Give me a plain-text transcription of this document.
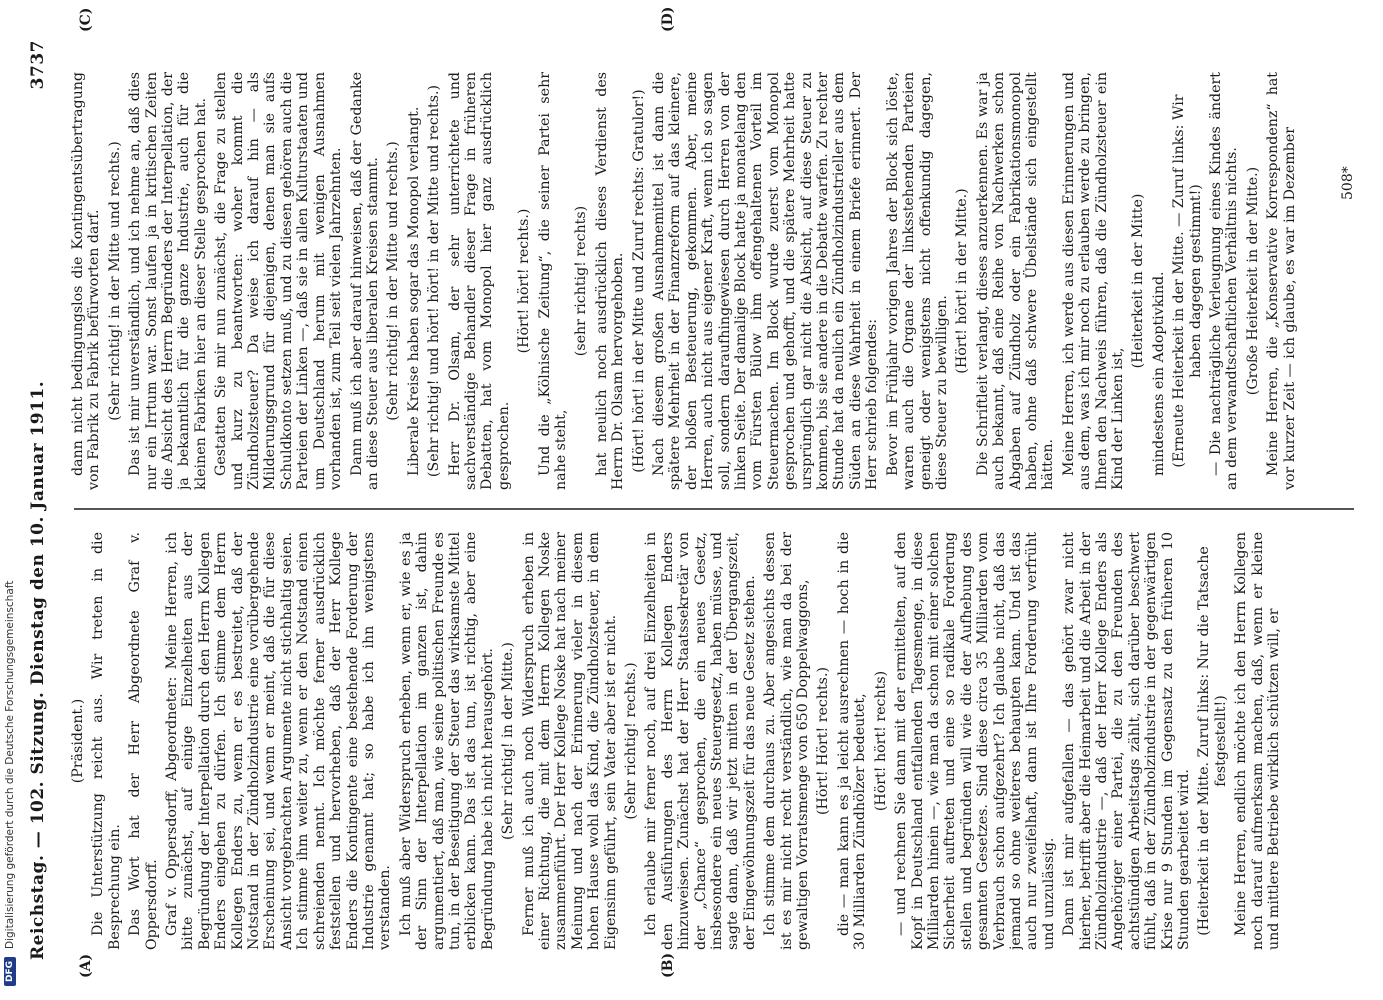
DFG
Digitalisierung gefördert durch die Deutsche Forschungsgemeinschaft Reichstag. — 102. Sitzung. Dienstag den 10. Januar 1911.
3737
(A)	(B)
(C)	(D)

(Präsident.) Die Unterstützung reicht aus. Wir treten in die Besprechung ein. Das Wort hat der Herr Abgeordnete Graf v. Oppersdorff. Graf v. Oppersdorff, Abgeordneter: Meine Herren, ich bitte zunächst, auf einige Einzelheiten aus der Begründung der Interpellation durch den Herrn Kollegen Enders eingehen zu dürfen. Ich stimme dem Herrn Kollegen Enders zu, wenn er es bestreitet, daß der Notstand in der Zündholzindustrie eine vorübergehende Erscheinung sei, und wenn er meint, daß die für diese Ansicht vorgebrachten Argumente nicht stichhaltig seien. Ich stimme ihm weiter zu, wenn er den Notstand einen schreienden nennt. Ich möchte ferner ausdrücklich feststellen und hervorheben, daß der Herr Kollege Enders die Kontingente eine bestehende Forderung der Industrie genannt hat; so habe ich ihn wenigstens verstanden. Ich muß aber Widerspruch erheben, wenn er, wie es ja der Sinn der Interpellation im ganzen ist, dahin argumentiert, daß man, wie seine politischen Freunde es tun, in der Beseitigung der Steuer das wirksamste Mittel erblicken kann. Das ist das tun, ist richtig, aber eine Begründung habe ich nicht herausgehört. (Sehr richtig! in der Mitte.) Ferner muß ich auch noch Widerspruch erheben in einer Richtung, die mit dem Herrn Kollegen Noske zusammenführt. Der Herr Kollege Noske hat nach meiner Meinung und nach der Erinnerung vieler in diesem hohen Hause wohl das Kind, die Zündholzsteuer, in dem Eigensinn geführt, sein Vater aber ist er nicht. (Sehr richtig! rechts.) Ich erlaube mir ferner noch, auf drei Einzelheiten in den Ausführungen des Herrn Kollegen Enders hinzuweisen. Zunächst hat der Herr Staatssekretär von der „Chance“ gesprochen, die ein neues Gesetz, insbesondere ein neues Steuergesetz, haben müsse, und sagte dann, daß wir jetzt mitten in der Übergangszeit, der Eingewöhnungszeit für das neue Gesetz stehen. Ich stimme dem durchaus zu. Aber angesichts dessen ist es mir nicht recht verständlich, wie man da bei der gewaltigen Vorratsmenge von 650 Doppelwaggons, (Hört! Hört! rechts.) die — man kann es ja leicht ausrechnen — hoch in die 30 Milliarden Zündhölzer bedeutet, (Hört! hört! rechts) — und rechnen Sie dann mit der ermittelten, auf den Kopf in Deutschland entfallenden Tagesmenge, in diese Milliarden hinein —, wie man da schon mit einer solchen Sicherheit auftreten und eine so radikale Forderung stellen und begründen will wie die der Aufhebung des gesamten Gesetzes. Sind diese circa 35 Milliarden vom Verbrauch schon aufgezehrt? Ich glaube nicht, daß das jemand so ohne weiteres behaupten kann. Und ist das auch nur zweifelhaft, dann ist Ihre Forderung verfrüht und unzulässig. Dann ist mir aufgefallen — das gehört zwar nicht hierher, betrifft aber die Heimarbeit und die Arbeit in der Zündholzindustrie —, daß der Herr Kollege Enders als Angehöriger einer Partei, die zu den Freunden des achtstündigen Arbeitstags zählt, sich darüber beschwert fühlt, daß in der Zündholzindustrie in der gegenwärtigen Krise nur 9 Stunden im Gegensatz zu den früheren 10 Stunden gearbeitet wird. (Heiterkeit in der Mitte. Zuruf links: Nur die Tatsache festgestellt!) Meine Herren, endlich möchte ich den Herrn Kollegen noch darauf aufmerksam machen, daß, wenn er kleine und mittlere Betriebe wirklich schützen will, er

dann nicht bedingungslos die Kontingentsübertragung von Fabrik zu Fabrik befürworten darf. (Sehr richtig! in der Mitte und rechts.) Das ist mir unverständlich, und ich nehme an, daß dies nur ein Irrtum war. Sonst laufen ja in kritischen Zeiten die Absicht des Herrn Begründers der Interpellation, der ja bekanntlich für die ganze Industrie, auch für die kleinen Fabriken hier an dieser Stelle gesprochen hat. Gestatten Sie mir nun zunächst, die Frage zu stellen und kurz zu beantworten: woher kommt die Zündholzsteuer? Da weise ich darauf hin — als Milderungsgrund für diejenigen, denen man sie aufs Schuldkonto setzen muß, und zu diesen gehören auch die Parteien der Linken —, daß sie in allen Kulturstaaten und um Deutschland herum mit wenigen Ausnahmen vorhanden ist, zum Teil seit vielen Jahrzehnten. Dann muß ich aber darauf hinweisen, daß der Gedanke an diese Steuer aus liberalen Kreisen stammt. (Sehr richtig! in der Mitte und rechts.) Liberale Kreise haben sogar das Monopol verlangt. (Sehr richtig! und hört! hört! in der Mitte und rechts.) Herr Dr. Olsam, der sehr unterrichtete und sachverständige Behandler dieser Frage in früheren Debatten, hat vom Monopol hier ganz ausdrücklich gesprochen.

(Hört! hört! rechts.) Und die „Kölnische Zeitung“, die seiner Partei sehr nahe steht,

(sehr richtig! rechts) hat neulich noch ausdrücklich dieses Verdienst des Herrn Dr. Olsam hervorgehoben. (Hört! hört! in der Mitte und Zuruf rechts: Gratulor!) Nach diesem großen Ausnahmemittel ist dann die spätere Mehrheit in der Finanzreform auf das kleinere, der bloßen Besteuerung, gekommen. Aber, meine Herren, auch nicht aus eigener Kraft, wenn ich so sagen soll, sondern daraufhingewiesen durch Herren von der linken Seite. Der damalige Block hatte ja monatelang den vom Fürsten Bülow ihm offengehaltenen Vorteil im Steuermachen. Im Block wurde zuerst vom Monopol gesprochen und gehofft, und die spätere Mehrheit hatte ursprünglich gar nicht die Absicht, auf diese Steuer zu kommen, bis sie andere in die Debatte warfen. Zu rechter Stunde hat da neulich ein Zündholzindustrieller aus dem Süden an diese Wahrheit in einem Briefe erinnert. Der Herr schrieb folgendes: Bevor im Frühjahr vorigen Jahres der Block sich löste, waren auch die Organe der linksstehenden Parteien geneigt oder wenigstens nicht offenkundig dagegen, diese Steuer zu bewilligen.

(Hört! hört! in der Mitte.) Die Schriftleit verlangt, dieses anzuerkennen. Es war ja auch bekannt, daß eine Reihe von Nachwerken schon Abgaben auf Zündholz oder ein Fabrikationsmonopol haben, ohne daß schwere Übelstände sich eingestellt hätten. Meine Herren, ich werde aus diesen Erinnerungen und aus dem, was ich mir noch zu erlauben werde zu bringen, Ihnen den Nachweis führen, daß die Zündholzsteuer ein Kind der Linken ist,

(Heiterkeit in der Mitte) mindestens ein Adoptivkind. (Erneute Heiterkeit in der Mitte. — Zuruf links: Wir haben dagegen gestimmt!) — Die nachträgliche Verleugnung eines Kindes ändert an dem verwandtschaftlichen Verhältnis nichts. (Große Heiterkeit in der Mitte.) Meine Herren, die „Konservative Korrespondenz“ hat vor kurzer Zeit — ich glaube, es war im Dezember	508*
